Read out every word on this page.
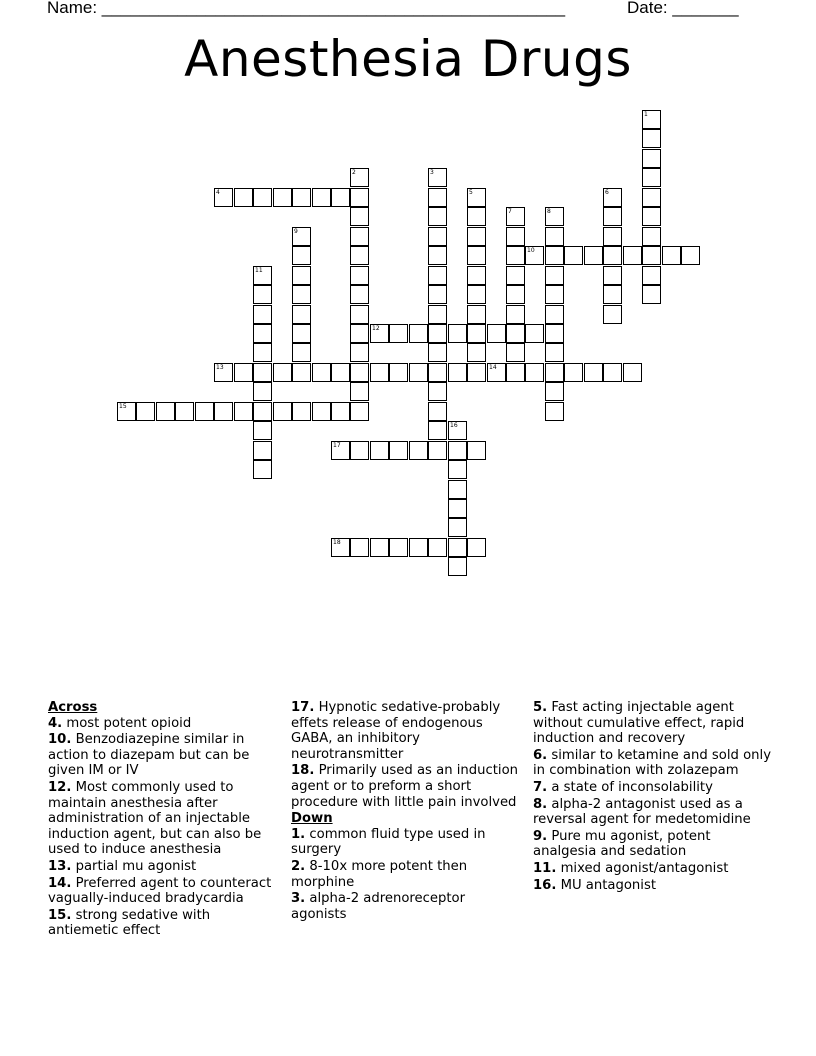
Name: _________________________________________________	Date: _______
Anesthesia Drugs
1
2	3
4	5	6
7	8
9
10
11
12
13	14
15
16
17
18
Across
4. most potent opioid
10. Benzodiazepine similar in action to diazepam but can be given IM or IV
12. Most commonly used to maintain anesthesia after administration of an injectable induction agent, but can also be used to induce anesthesia
13. partial mu agonist
14. Preferred agent to counteract vagually-induced bradycardia
15. strong sedative with antiemetic effect
17. Hypnotic sedative-probably effets release of endogenous GABA, an inhibitory neurotransmitter
18. Primarily used as an induction agent or to preform a short procedure with little pain involved
Down
1. common fluid type used in surgery
2. 8-10x more potent then morphine
3. alpha-2 adrenoreceptor agonists
5. Fast acting injectable agent without cumulative effect, rapid induction and recovery
6. similar to ketamine and sold only in combination with zolazepam
7. a state of inconsolability
8. alpha-2 antagonist used as a reversal agent for medetomidine
9. Pure mu agonist, potent analgesia and sedation
11. mixed agonist/antagonist
16. MU antagonist
